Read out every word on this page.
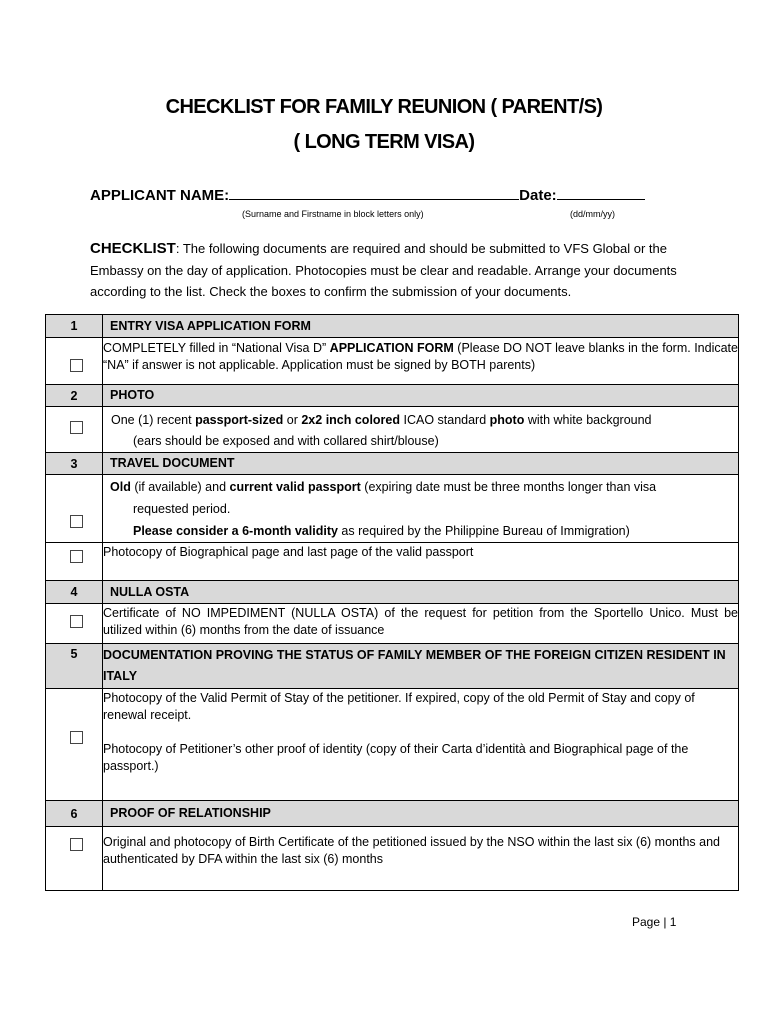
CHECKLIST FOR FAMILY REUNION ( PARENT/S)
( LONG TERM VISA)
APPLICANT NAME:	Date:
(Surname and Firstname in block letters only)	(dd/mm/yy)
CHECKLIST: The following documents are required and should be submitted to VFS Global or the Embassy on the day of application. Photocopies must be clear and readable. Arrange your documents according to the list. Check the boxes to confirm the submission of your documents.
1	ENTRY VISA APPLICATION FORM

	COMPLETELY filled in “National Visa D” APPLICATION FORM (Please DO NOT leave blanks in the form. Indicate “NA” if answer is not applicable. Application must be signed by BOTH parents)
2	PHOTO

	One (1) recent passport-sized or 2x2 inch colored ICAO standard photo with white background
(ears should be exposed and with collared shirt/blouse)
3	TRAVEL DOCUMENT

	Old (if available) and current valid passport (expiring date must be three months longer than visa
requested period.
Please consider a 6-month validity as required by the Philippine Bureau of Immigration)

	Photocopy of Biographical page and last page of the valid passport
4	NULLA OSTA

	Certificate of NO IMPEDIMENT (NULLA OSTA) of the request for petition from the Sportello Unico. Must be utilized within (6) months from the date of issuance
5	DOCUMENTATION PROVING THE STATUS OF FAMILY MEMBER OF THE FOREIGN CITIZEN RESIDENT IN ITALY

	Photocopy of the Valid Permit of Stay of the petitioner. If expired, copy of the old Permit of Stay and copy of renewal receipt.
Photocopy of Petitioner’s other proof of identity (copy of their Carta d’identità and Biographical page of the passport.)

6	PROOF OF RELATIONSHIP

	Original and photocopy of Birth Certificate of the petitioned issued by the NSO within the last six (6) months and authenticated by DFA within the last six (6) months
Page | 1
